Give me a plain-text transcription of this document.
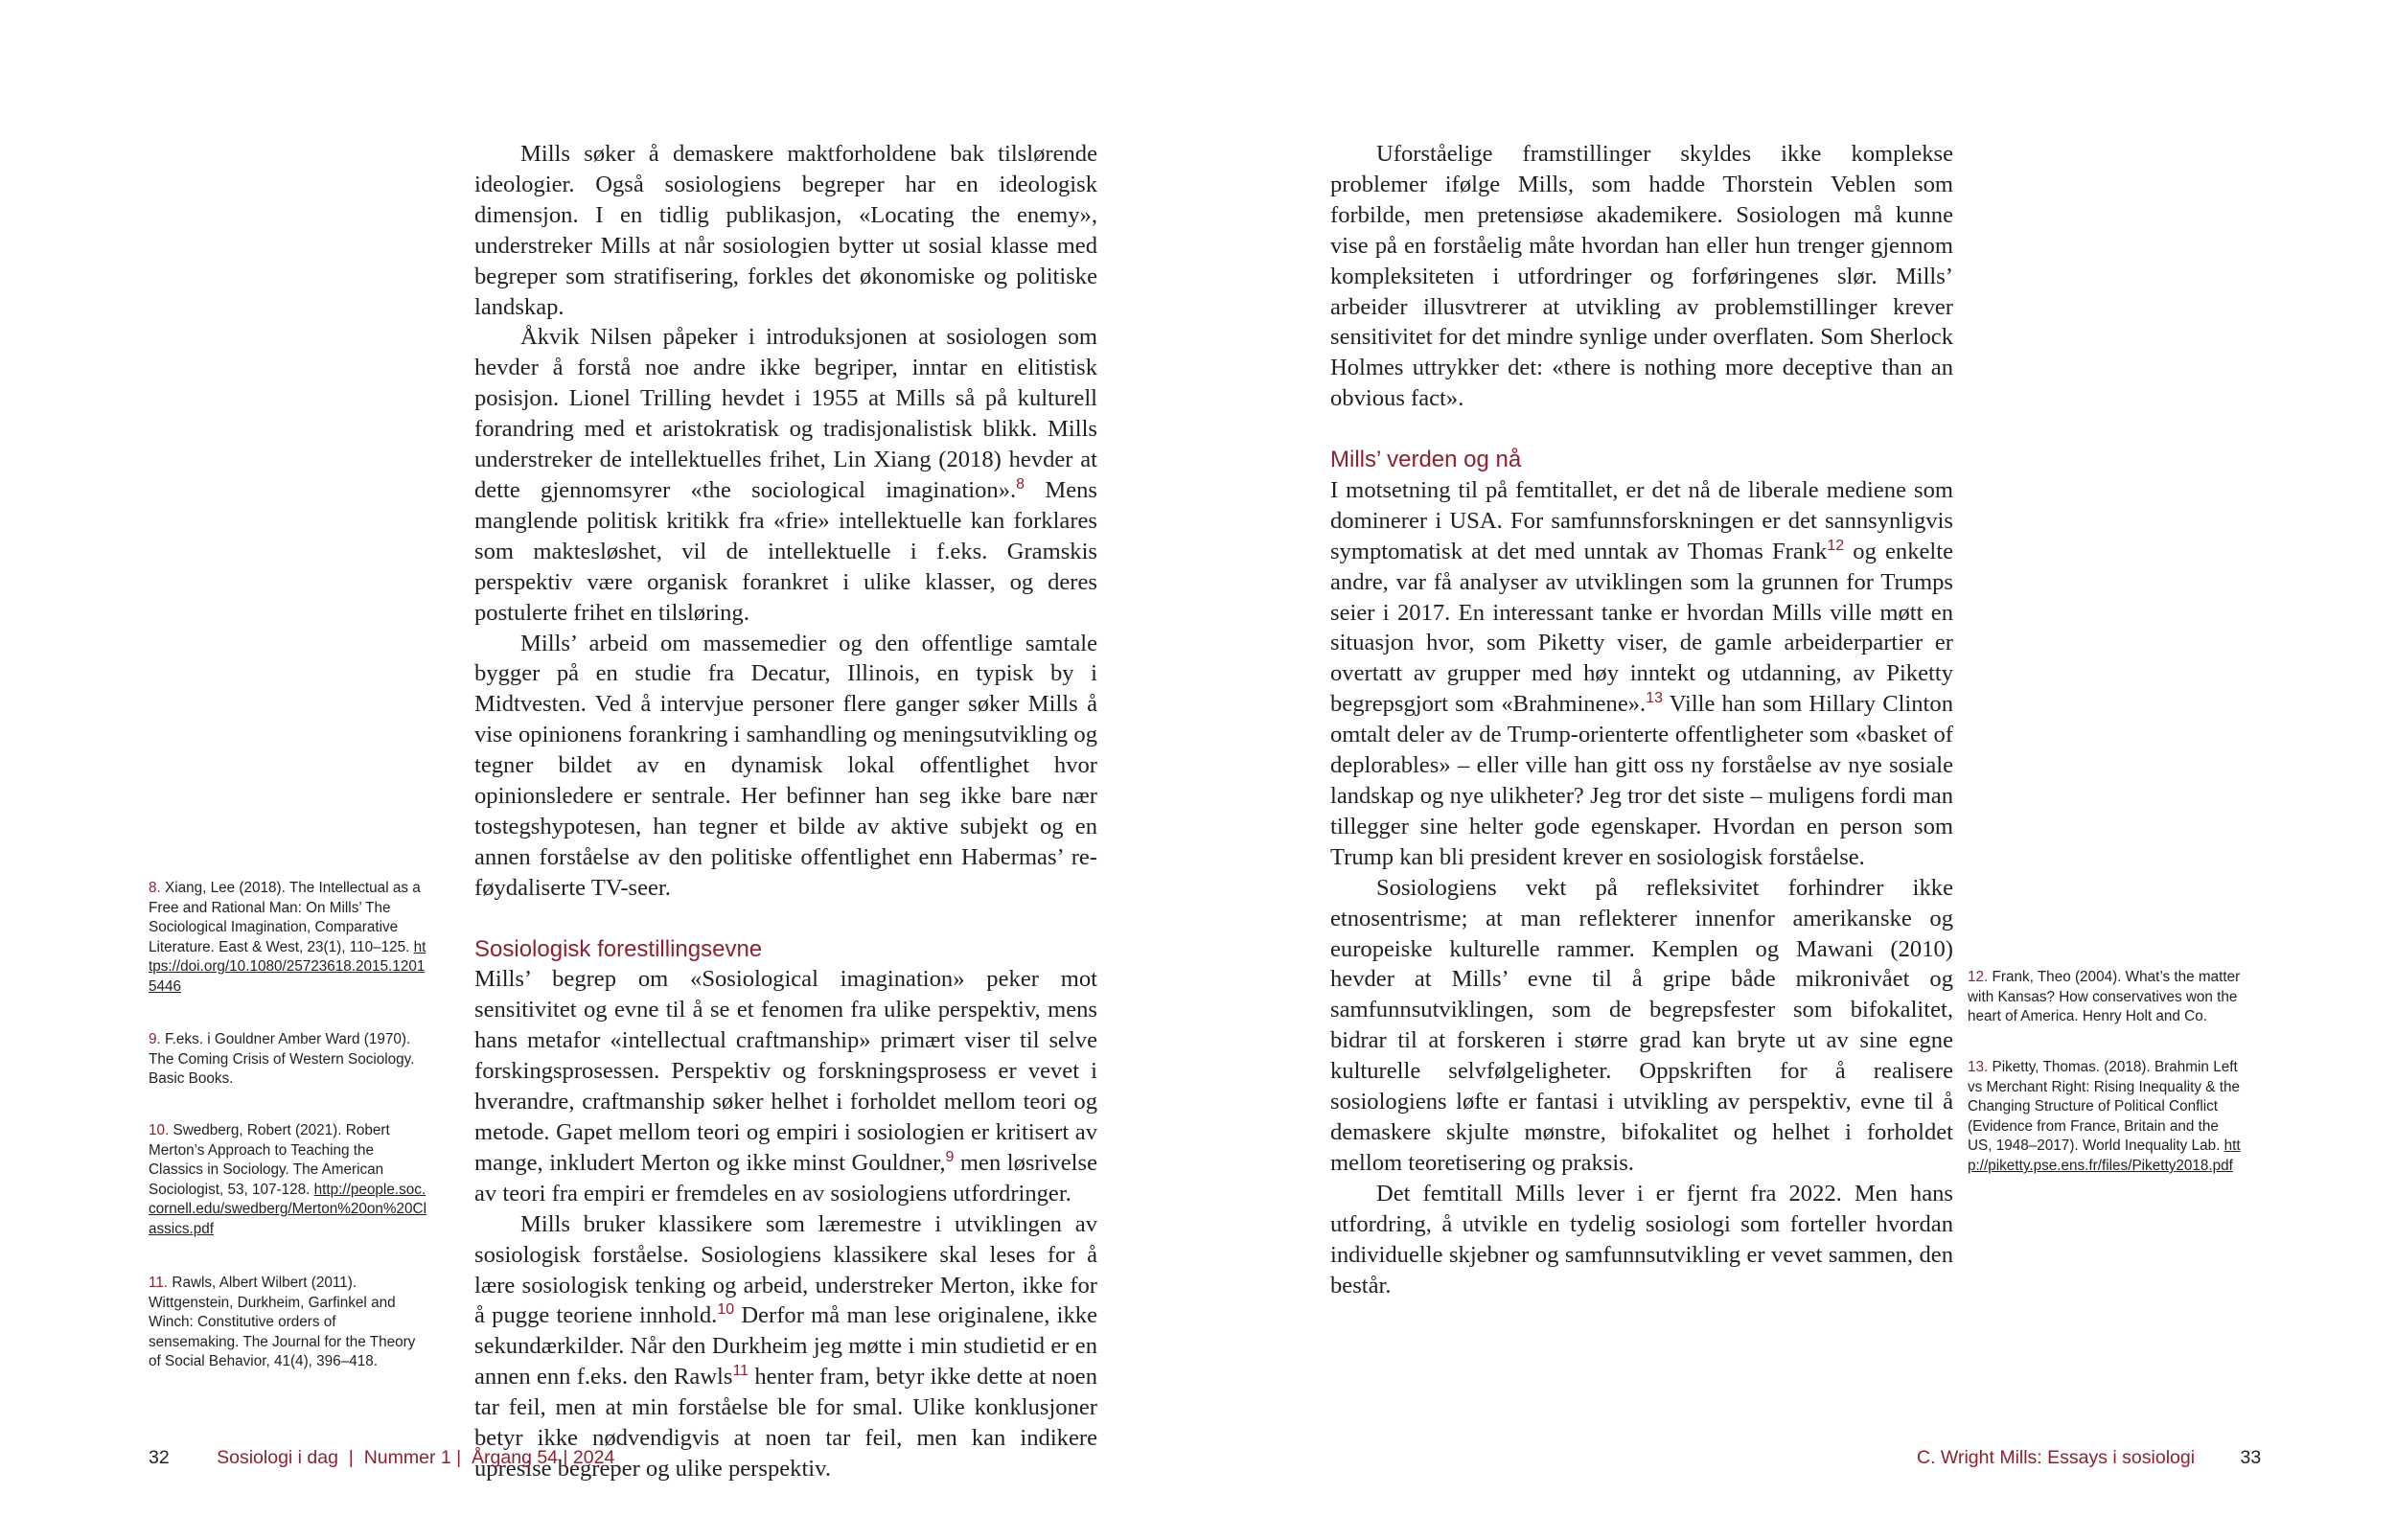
Mills søker å demaskere maktforholdene bak tilslørende ideologier. Også sosiologiens begreper har en ideologisk dimensjon. I en tidlig publikasjon, «Locating the enemy», understreker Mills at når sosiologien bytter ut sosial klasse med begreper som stratifisering, forkles det økonomiske og politiske landskap.

Åkvik Nilsen påpeker i introduksjonen at sosiologen som hevder å forstå noe andre ikke begriper, inntar en elitistisk posisjon. Lionel Trilling hevdet i 1955 at Mills så på kulturell forandring med et aristokratisk og tradisjonalistisk blikk. Mills understreker de intellektuelles frihet, Lin Xiang (2018) hevder at dette gjennomsyrer «the sociological imagination».$^8$ Mens manglende politisk kritikk fra «frie» intellektuelle kan forklares som maktesløshet, vil de intellektuelle i f.eks. Gramskis perspektiv være organisk forankret i ulike klasser, og deres postulerte frihet en tilsløring.

Mills’ arbeid om massemedier og den offentlige samtale bygger på en studie fra Decatur, Illinois, en typisk by i Midtvesten. Ved å intervjue personer flere ganger søker Mills å vise opinionens forankring i samhandling og meningsutvikling og tegner bildet av en dynamisk lokal offentlighet hvor opinionsledere er sentrale. Her befinner han seg ikke bare nær tostegshypotesen, han tegner et bilde av aktive subjekt og en annen forståelse av den politiske offentlighet enn Habermas’ re-føydaliserte TV-seer.

Sosiologisk forestillingsevne

Mills’ begrep om «Sosiological imagination» peker mot sensitivitet og evne til å se et fenomen fra ulike perspektiv, mens hans metafor «intellectual craftmanship» primært viser til selve forskingsprosessen. Perspektiv og forskningsprosess er vevet i hverandre, craftmanship søker helhet i forholdet mellom teori og metode. Gapet mellom teori og empiri i sosiologien er kritisert av mange, inkludert Merton og ikke minst Gouldner,$^9$ men løsrivelse av teori fra empiri er fremdeles en av sosiologiens utfordringer.

Mills bruker klassikere som læremestre i utviklingen av sosiologisk forståelse. Sosiologiens klassikere skal leses for å lære sosiologisk tenking og arbeid, understreker Merton, ikke for å pugge teoriene innhold.$^{10}$ Derfor må man lese originalene, ikke sekundærkilder. Når den Durkheim jeg møtte i min studietid er en annen enn f.eks. den Rawls$^{11}$ henter fram, betyr ikke dette at noen tar feil, men at min forståelse ble for smal. Ulike konklusjoner betyr ikke nødvendigvis at noen tar feil, men kan indikere upresise begreper og ulike perspektiv.

8. Xiang, Lee (2018). The Intellectual as a Free and Rational Man: On Mills’ The Sociological Imagination, Comparative Literature. East & West, 23(1), 110–125. https://doi.org/10.1080/25723618.2015.12015446

9. F.eks. i Gouldner Amber Ward (1970). The Coming Crisis of Western Sociology. Basic Books.

10. Swedberg, Robert (2021). Robert Merton’s Approach to Teaching the Classics in Sociology. The American Sociologist, 53, 107-128. http://people.soc.cornell.edu/swedberg/Merton%20on%20Classics.pdf

11. Rawls, Albert Wilbert (2011). Wittgenstein, Durkheim, Garfinkel and Winch: Constitutive orders of sensemaking. The Journal for the Theory of Social Behavior, 41(4), 396–418.

Uforståelige framstillinger skyldes ikke komplekse problemer ifølge Mills, som hadde Thorstein Veblen som forbilde, men pretensiøse akademikere. Sosiologen må kunne vise på en forståelig måte hvordan han eller hun trenger gjennom kompleksiteten i utfordringer og forføringenes slør. Mills’ arbeider illusvtrerer at utvikling av problemstillinger krever sensitivitet for det mindre synlige under overflaten. Som Sherlock Holmes uttrykker det: «there is nothing more deceptive than an obvious fact».

Mills’ verden og nå

I motsetning til på femtitallet, er det nå de liberale mediene som dominerer i USA. For samfunnsforskningen er det sannsynligvis symptomatisk at det med unntak av Thomas Frank$^{12}$ og enkelte andre, var få analyser av utviklingen som la grunnen for Trumps seier i 2017. En interessant tanke er hvordan Mills ville møtt en situasjon hvor, som Piketty viser, de gamle arbeiderpartier er overtatt av grupper med høy inntekt og utdanning, av Piketty begrepsgjort som «Brahminene».$^{13}$ Ville han som Hillary Clinton omtalt deler av de Trump-orienterte offentligheter som «basket of deplorables» – eller ville han gitt oss ny forståelse av nye sosiale landskap og nye ulikheter? Jeg tror det siste – muligens fordi man tillegger sine helter gode egenskaper. Hvordan en person som Trump kan bli president krever en sosiologisk forståelse.

Sosiologiens vekt på refleksivitet forhindrer ikke etnosentrisme; at man reflekterer innenfor amerikanske og europeiske kulturelle rammer. Kemplen og Mawani (2010) hevder at Mills’ evne til å gripe både mikronivået og samfunnsutviklingen, som de begrepsfester som bifokalitet, bidrar til at forskeren i større grad kan bryte ut av sine egne kulturelle selvfølgeligheter. Oppskriften for å realisere sosiologiens løfte er fantasi i utvikling av perspektiv, evne til å demaskere skjulte mønstre, bifokalitet og helhet i forholdet mellom teoretisering og praksis.

Det femtitall Mills lever i er fjernt fra 2022. Men hans utfordring, å utvikle en tydelig sosiologi som forteller hvordan individuelle skjebner og samfunnsutvikling er vevet sammen, den består.

12. Frank, Theo (2004). What’s the matter with Kansas? How conservatives won the heart of America. Henry Holt and Co.

13. Piketty, Thomas. (2018). Brahmin Left vs Merchant Right: Rising Inequality & the Changing Structure of Political Conflict (Evidence from France, Britain and the US, 1948–2017). World Inequality Lab. http://piketty.pse.ens.fr/files/Piketty2018.pdf

32	Sosiologi i dag  |  Nummer 1 |  Årgang 54 | 2024	C. Wright Mills: Essays i sosiologi 33
